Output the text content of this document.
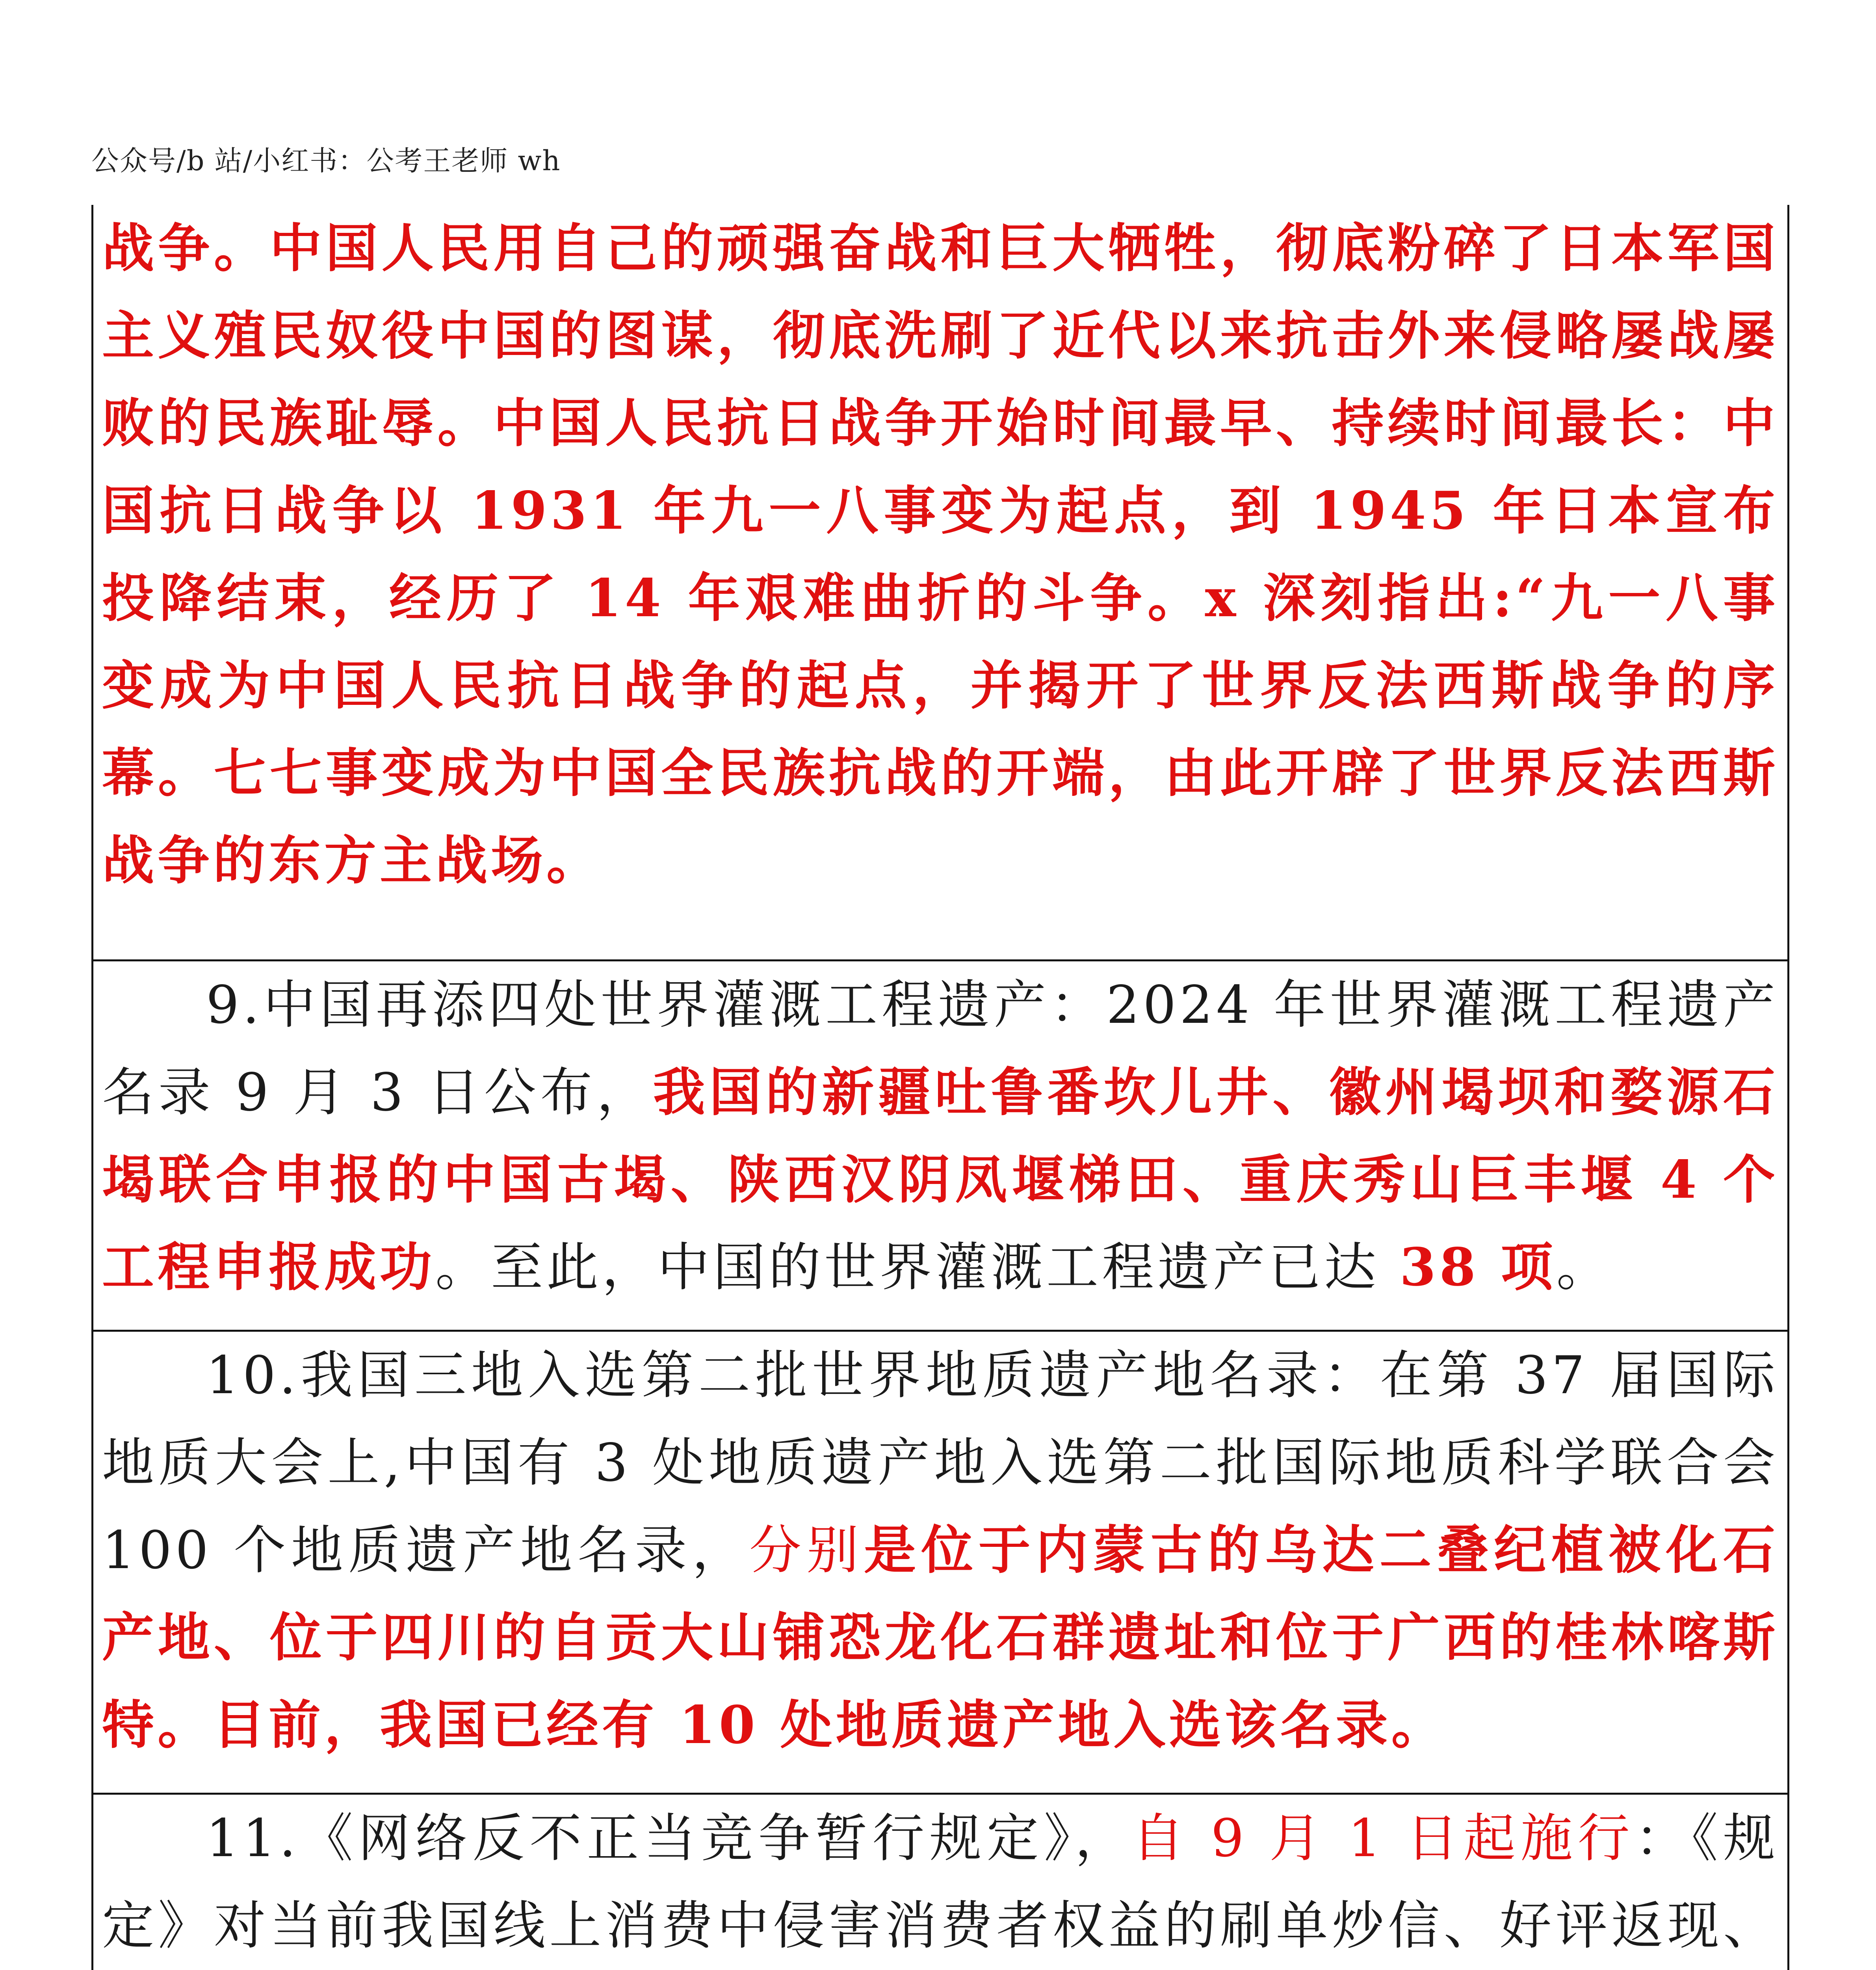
公众号/b 站/小红书：公考王老师 wh

战争。中国人民用自己的顽强奋战和巨大牺牲，彻底粉碎了日本军国主义殖民奴役中国的图谋，彻底洗刷了近代以来抗击外来侵略屡战屡败的民族耻辱。中国人民抗日战争开始时间最早、持续时间最长：中国抗日战争以 1931 年九一八事变为起点，到 1945 年日本宣布投降结束，经历了 14 年艰难曲折的斗争。x 深刻指出:“九一八事变成为中国人民抗日战争的起点，并揭开了世界反法西斯战争的序幕。七七事变成为中国全民族抗战的开端，由此开辟了世界反法西斯战争的东方主战场。

9.中国再添四处世界灌溉工程遗产：2024 年世界灌溉工程遗产名录 9 月 3 日公布，我国的新疆吐鲁番坎儿井、徽州堨坝和婺源石堨联合申报的中国古堨、陕西汉阴凤堰梯田、重庆秀山巨丰堰 4 个工程申报成功。至此，中国的世界灌溉工程遗产已达 38 项。

10.我国三地入选第二批世界地质遗产地名录：在第 37 届国际地质大会上,中国有 3 处地质遗产地入选第二批国际地质科学联合会 100 个地质遗产地名录，分别是位于内蒙古的乌达二叠纪植被化石产地、位于四川的自贡大山铺恐龙化石群遗址和位于广西的桂林喀斯特。目前，我国已经有 10 处地质遗产地入选该名录。

11.《网络反不正当竞争暂行规定》，自 9 月 1 日起施行：《规定》对当前我国线上消费中侵害消费者权益的刷单炒信、好评返现、
